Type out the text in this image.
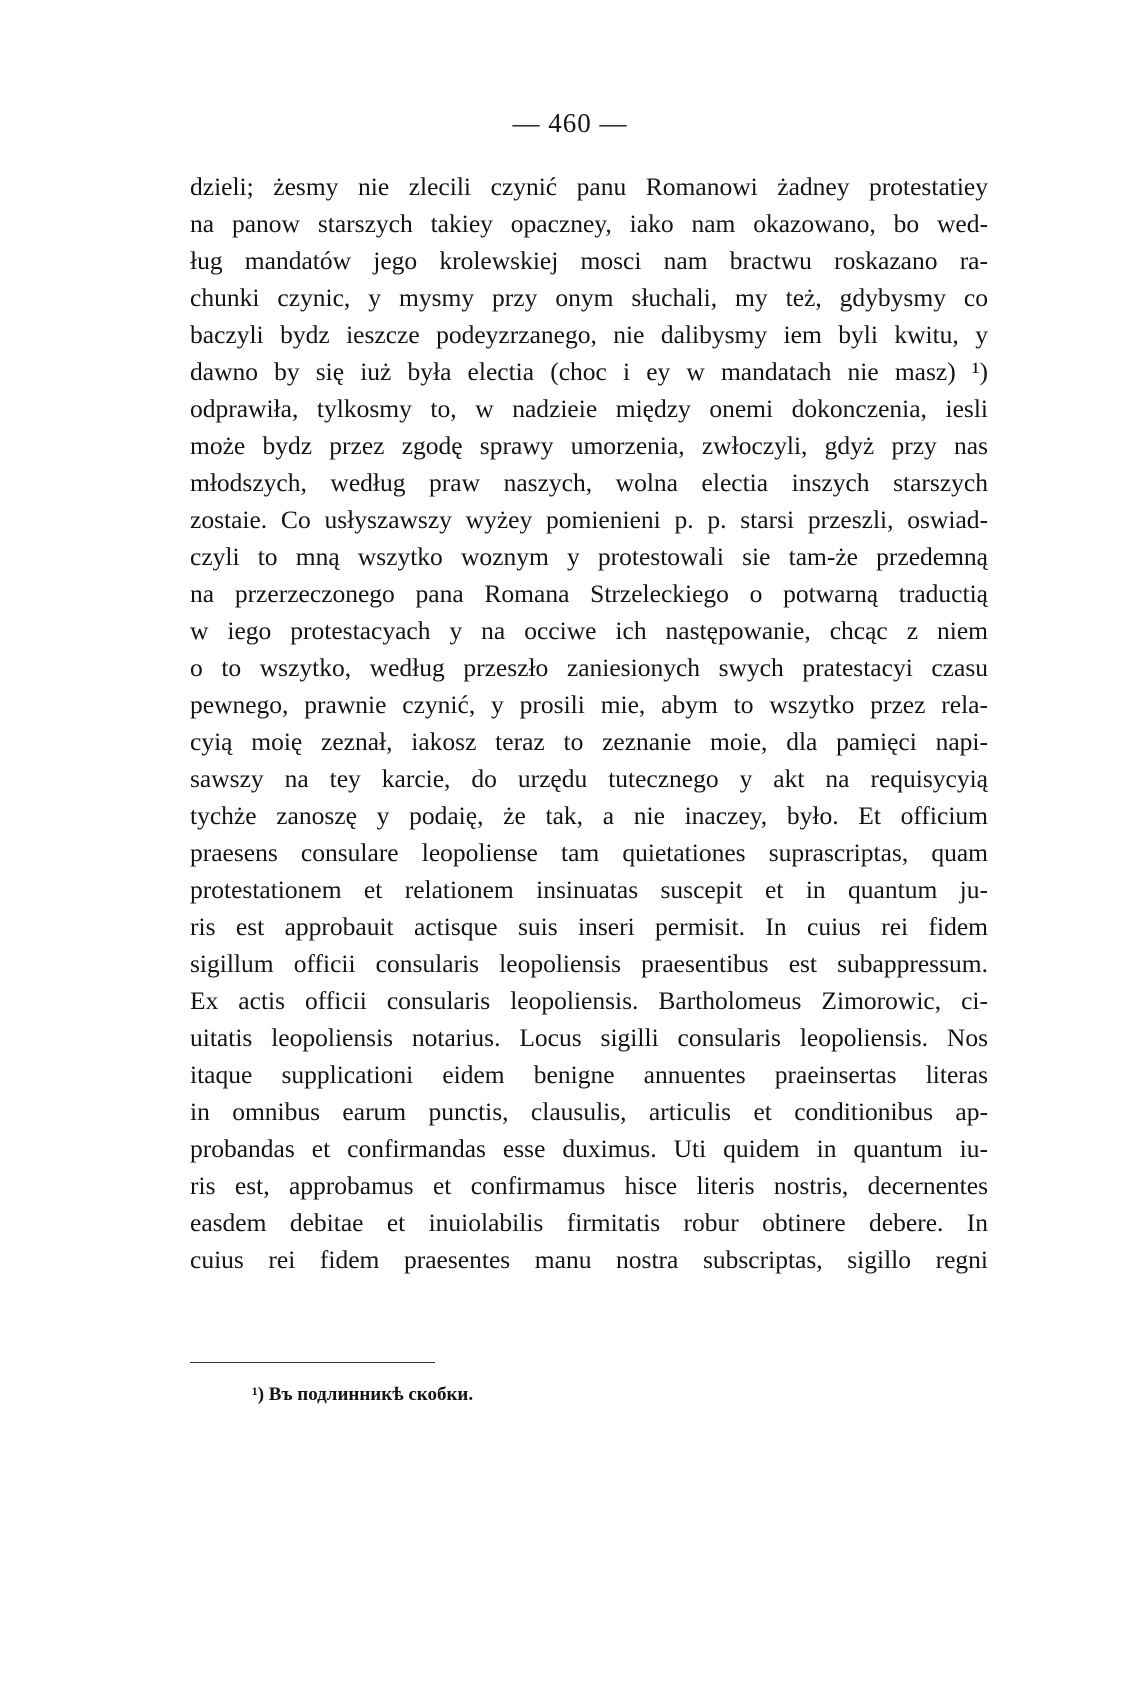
— 460 —
dzieli; żesmy nie zlecili czynić panu Romanowi żadney protestatiey
na panow starszych takiey opaczney, iako nam okazowano, bo wed-
ług mandatów jego krolewskiej mosci nam bractwu roskazano ra-
chunki czynic, y mysmy przy onym słuchali, my też, gdybysmy co
baczyli bydz ieszcze podeyzrzanego, nie dalibysmy iem byli kwitu, y
dawno by się iuż była electia (choc i ey w mandatach nie masz) ¹)
odprawiła, tylkosmy to, w nadzieie między onemi dokonczenia, iesli
może bydz przez zgodę sprawy umorzenia, zwłoczyli, gdyż przy nas
młodszych, według praw naszych, wolna electia inszych starszych
zostaie. Co usłyszawszy wyżey pomienieni p. p. starsi przeszli, oswiad-
czyli to mną wszytko woznym y protestowali sie tam-że przedemną
na przerzeczonego pana Romana Strzeleckiego o potwarną traductią
w iego protestacyach y na occiwe ich następowanie, chcąc z niem
o to wszytko, według przeszło zaniesionych swych pratestacyi czasu
pewnego, prawnie czynić, y prosili mie, abym to wszytko przez rela-
cyią moię zeznał, iakosz teraz to zeznanie moie, dla pamięci napi-
sawszy na tey karcie, do urzędu tutecznego y akt na requisycyią
tychże zanoszę y podaię, że tak, a nie inaczey, było. Et officium
praesens consulare leopoliense tam quietationes suprascriptas, quam
protestationem et relationem insinuatas suscepit et in quantum ju-
ris est approbauit actisque suis inseri permisit. In cuius rei fidem
sigillum officii consularis leopoliensis praesentibus est subappressum.
Ex actis officii consularis leopoliensis. Bartholomeus Zimorowic, ci-
uitatis leopoliensis notarius. Locus sigilli consularis leopoliensis. Nos
itaque supplicationi eidem benigne annuentes praeinsertas literas
in omnibus earum punctis, clausulis, articulis et conditionibus ap-
probandas et confirmandas esse duximus. Uti quidem in quantum iu-
ris est, approbamus et confirmamus hisce literis nostris, decernentes
easdem debitae et inuiolabilis firmitatis robur obtinere debere. In
cuius rei fidem praesentes manu nostra subscriptas, sigillo regni
¹) Въ подлинникѣ скобки.
